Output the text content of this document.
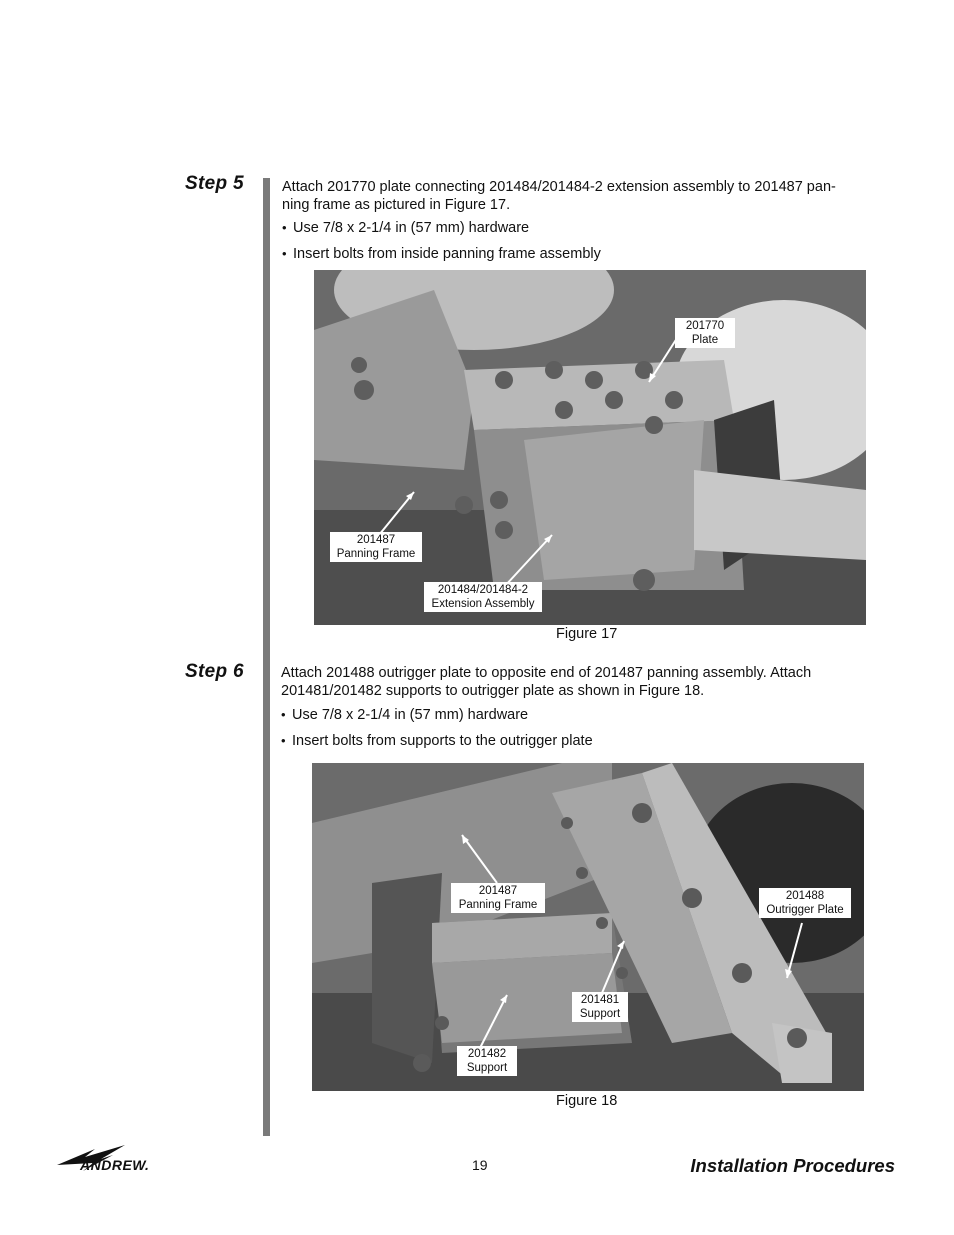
Step 5	Attach 201770 plate connecting 201484/201484-2 extension assembly to 201487 pan-
ning frame as pictured in Figure 17.
• Use 7/8 x 2-1/4 in (57 mm) hardware
• Insert bolts from inside panning frame assembly
201770
Plate
201487
Panning Frame
201484/201484-2
Extension Assembly
Figure 17
Step 6	Attach 201488 outrigger plate to opposite end of 201487 panning assembly. Attach
201481/201482 supports to outrigger plate as shown in Figure 18.
• Use 7/8 x 2-1/4 in (57 mm) hardware
• Insert bolts from supports to the outrigger plate
201487
Panning Frame
201488
Outrigger Plate
201481
Support
201482
Support
Figure 18
ANDREW.	19	Installation Procedures
